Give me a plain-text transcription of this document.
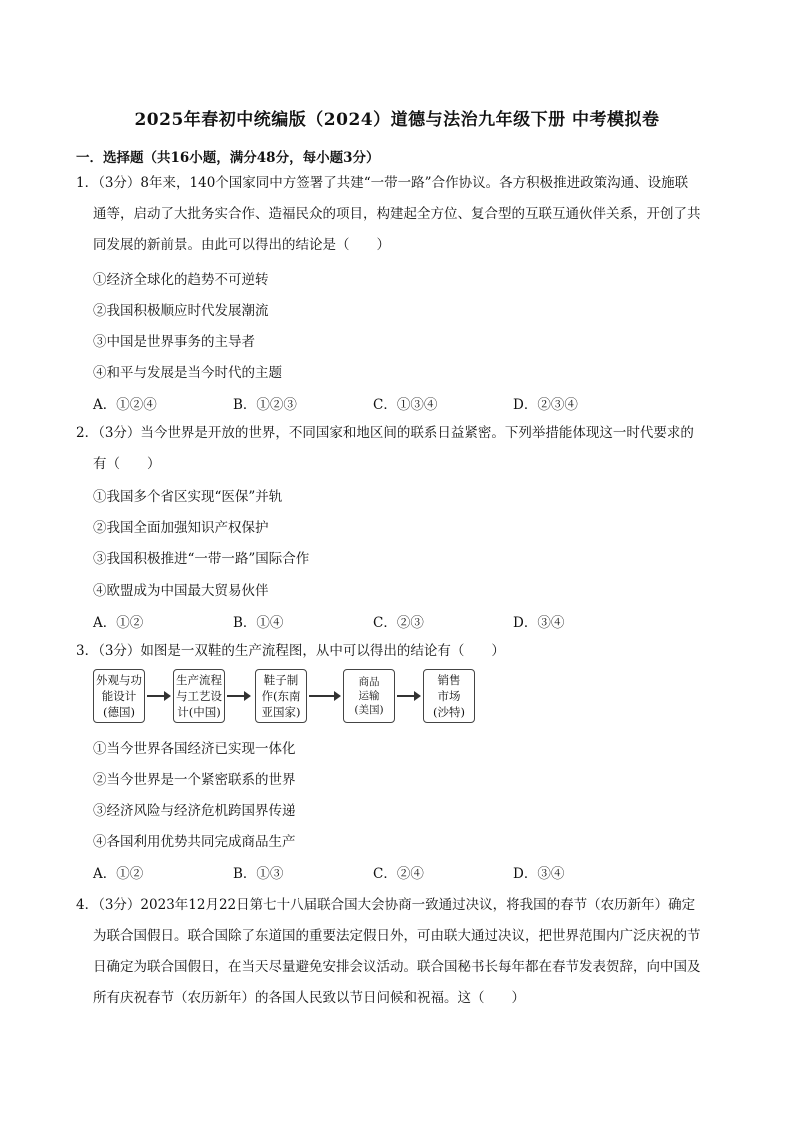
2025年春初中统编版（2024）道德与法治九年级下册 中考模拟卷
一．选择题（共16小题，满分48分，每小题3分）
1．（3分）8年来，140个国家同中方签署了共建“一带一路”合作协议。各方积极推进政策沟通、设施联
通等，启动了大批务实合作、造福民众的项目，构建起全方位、复合型的互联互通伙伴关系，开创了共
同发展的新前景。由此可以得出的结论是（　　）
①经济全球化的趋势不可逆转
②我国积极顺应时代发展潮流
③中国是世界事务的主导者
④和平与发展是当今时代的主题
A．①②④	B．①②③	C．①③④	D．②③④
2．（3分）当今世界是开放的世界，不同国家和地区间的联系日益紧密。下列举措能体现这一时代要求的
有（　　）
①我国多个省区实现“医保”并轨
②我国全面加强知识产权保护
③我国积极推进“一带一路”国际合作
④欧盟成为中国最大贸易伙伴
A．①②	B．①④	C．②③	D．③④
3．（3分）如图是一双鞋的生产流程图，从中可以得出的结论有（　　）
外观与功
能设计
(德国)
生产流程
与工艺设
计(中国)
鞋子制
作(东南
亚国家)
商品
运输
(美国)
销售
市场
(沙特)
①当今世界各国经济已实现一体化
②当今世界是一个紧密联系的世界
③经济风险与经济危机跨国界传递
④各国利用优势共同完成商品生产
A．①②	B．①③	C．②④	D．③④
4．（3分）2023年12月22日第七十八届联合国大会协商一致通过决议，将我国的春节（农历新年）确定
为联合国假日。联合国除了东道国的重要法定假日外，可由联大通过决议，把世界范围内广泛庆祝的节
日确定为联合国假日，在当天尽量避免安排会议活动。联合国秘书长每年都在春节发表贺辞，向中国及
所有庆祝春节（农历新年）的各国人民致以节日问候和祝福。这（　　）
